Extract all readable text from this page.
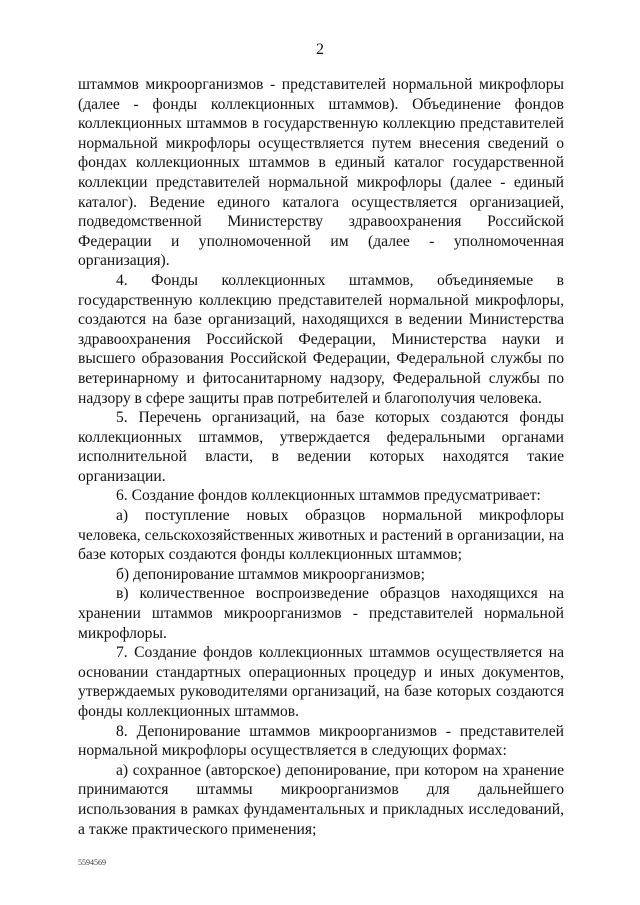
2

штаммов микроорганизмов - представителей нормальной микрофлоры (далее - фонды коллекционных штаммов). Объединение фондов коллекционных штаммов в государственную коллекцию представителей нормальной микрофлоры осуществляется путем внесения сведений о фондах коллекционных штаммов в единый каталог государственной коллекции представителей нормальной микрофлоры (далее - единый каталог). Ведение единого каталога осуществляется организацией, подведомственной Министерству здравоохранения Российской Федерации и уполномоченной им (далее - уполномоченная организация).

4. Фонды коллекционных штаммов, объединяемые в государственную коллекцию представителей нормальной микрофлоры, создаются на базе организаций, находящихся в ведении Министерства здравоохранения Российской Федерации, Министерства науки и высшего образования Российской Федерации, Федеральной службы по ветеринарному и фитосанитарному надзору, Федеральной службы по надзору в сфере защиты прав потребителей и благополучия человека.

5. Перечень организаций, на базе которых создаются фонды коллекционных штаммов, утверждается федеральными органами исполнительной власти, в ведении которых находятся такие организации.

6. Создание фондов коллекционных штаммов предусматривает:

а) поступление новых образцов нормальной микрофлоры человека, сельскохозяйственных животных и растений в организации, на базе которых создаются фонды коллекционных штаммов;

б) депонирование штаммов микроорганизмов;

в) количественное воспроизведение образцов находящихся на хранении штаммов микроорганизмов - представителей нормальной микрофлоры.

7. Создание фондов коллекционных штаммов осуществляется на основании стандартных операционных процедур и иных документов, утверждаемых руководителями организаций, на базе которых создаются фонды коллекционных штаммов.

8. Депонирование штаммов микроорганизмов - представителей нормальной микрофлоры осуществляется в следующих формах:

а) сохранное (авторское) депонирование, при котором на хранение принимаются штаммы микроорганизмов для дальнейшего использования в рамках фундаментальных и прикладных исследований, а также практического применения;

5594569
